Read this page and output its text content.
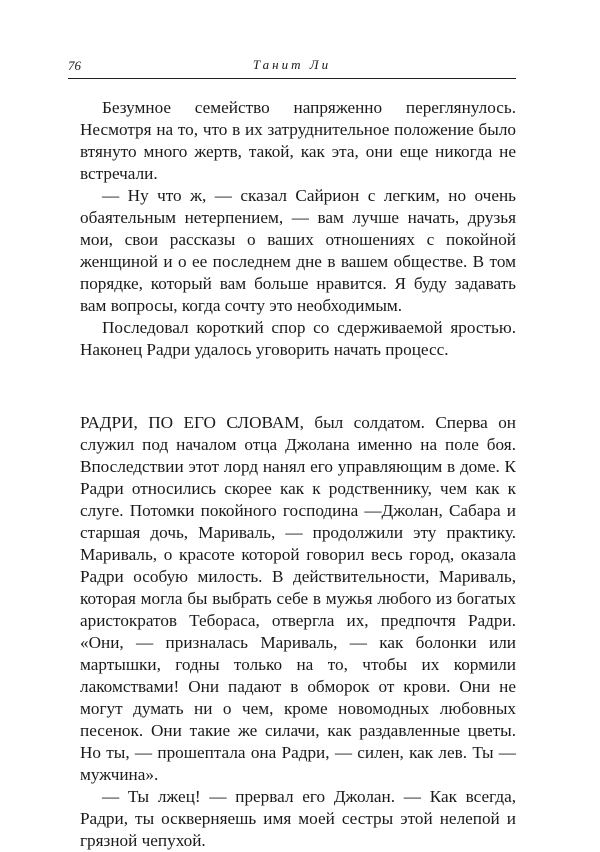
76	Танит Ли

Безумное семейство напряженно переглянулось. Несмотря на то, что в их затруднительное положение было втянуто много жертв, такой, как эта, они еще никогда не встречали.

— Ну что ж, — сказал Сайрион с легким, но очень обаятельным нетерпением, — вам лучше начать, друзья мои, свои рассказы о ваших отношениях с покойной женщиной и о ее последнем дне в вашем обществе. В том порядке, который вам больше нравится. Я буду задавать вам вопросы, когда сочту это необходимым.

Последовал короткий спор со сдерживаемой яростью. Наконец Радри удалось уговорить начать процесс.

РАДРИ, ПО ЕГО СЛОВАМ, был солдатом. Сперва он служил под началом отца Джолана именно на поле боя. Впоследствии этот лорд нанял его управляющим в доме. К Радри относились скорее как к родственнику, чем как к слуге. Потомки покойного господина —Джолан, Сабара и старшая дочь, Мариваль, — продолжили эту практику. Мариваль, о красоте которой говорил весь город, оказала Радри особую милость. В действительности, Мариваль, которая могла бы выбрать себе в мужья любого из богатых аристократов Теборaca, отвергла их, предпочтя Радри. «Они, — призналась Мариваль, — как болонки или мартышки, годны только на то, чтобы их кормили лакомствами! Они падают в обморок от крови. Они не могут думать ни о чем, кроме новомодных любовных песенок. Они такие же силачи, как раздавленные цветы. Но ты, — прошептала она Радри, — силен, как лев. Ты — мужчина».

— Ты лжец! — прервал его Джолан. — Как всегда, Радри, ты оскверняешь имя моей сестры этой нелепой и грязной чепухой.
